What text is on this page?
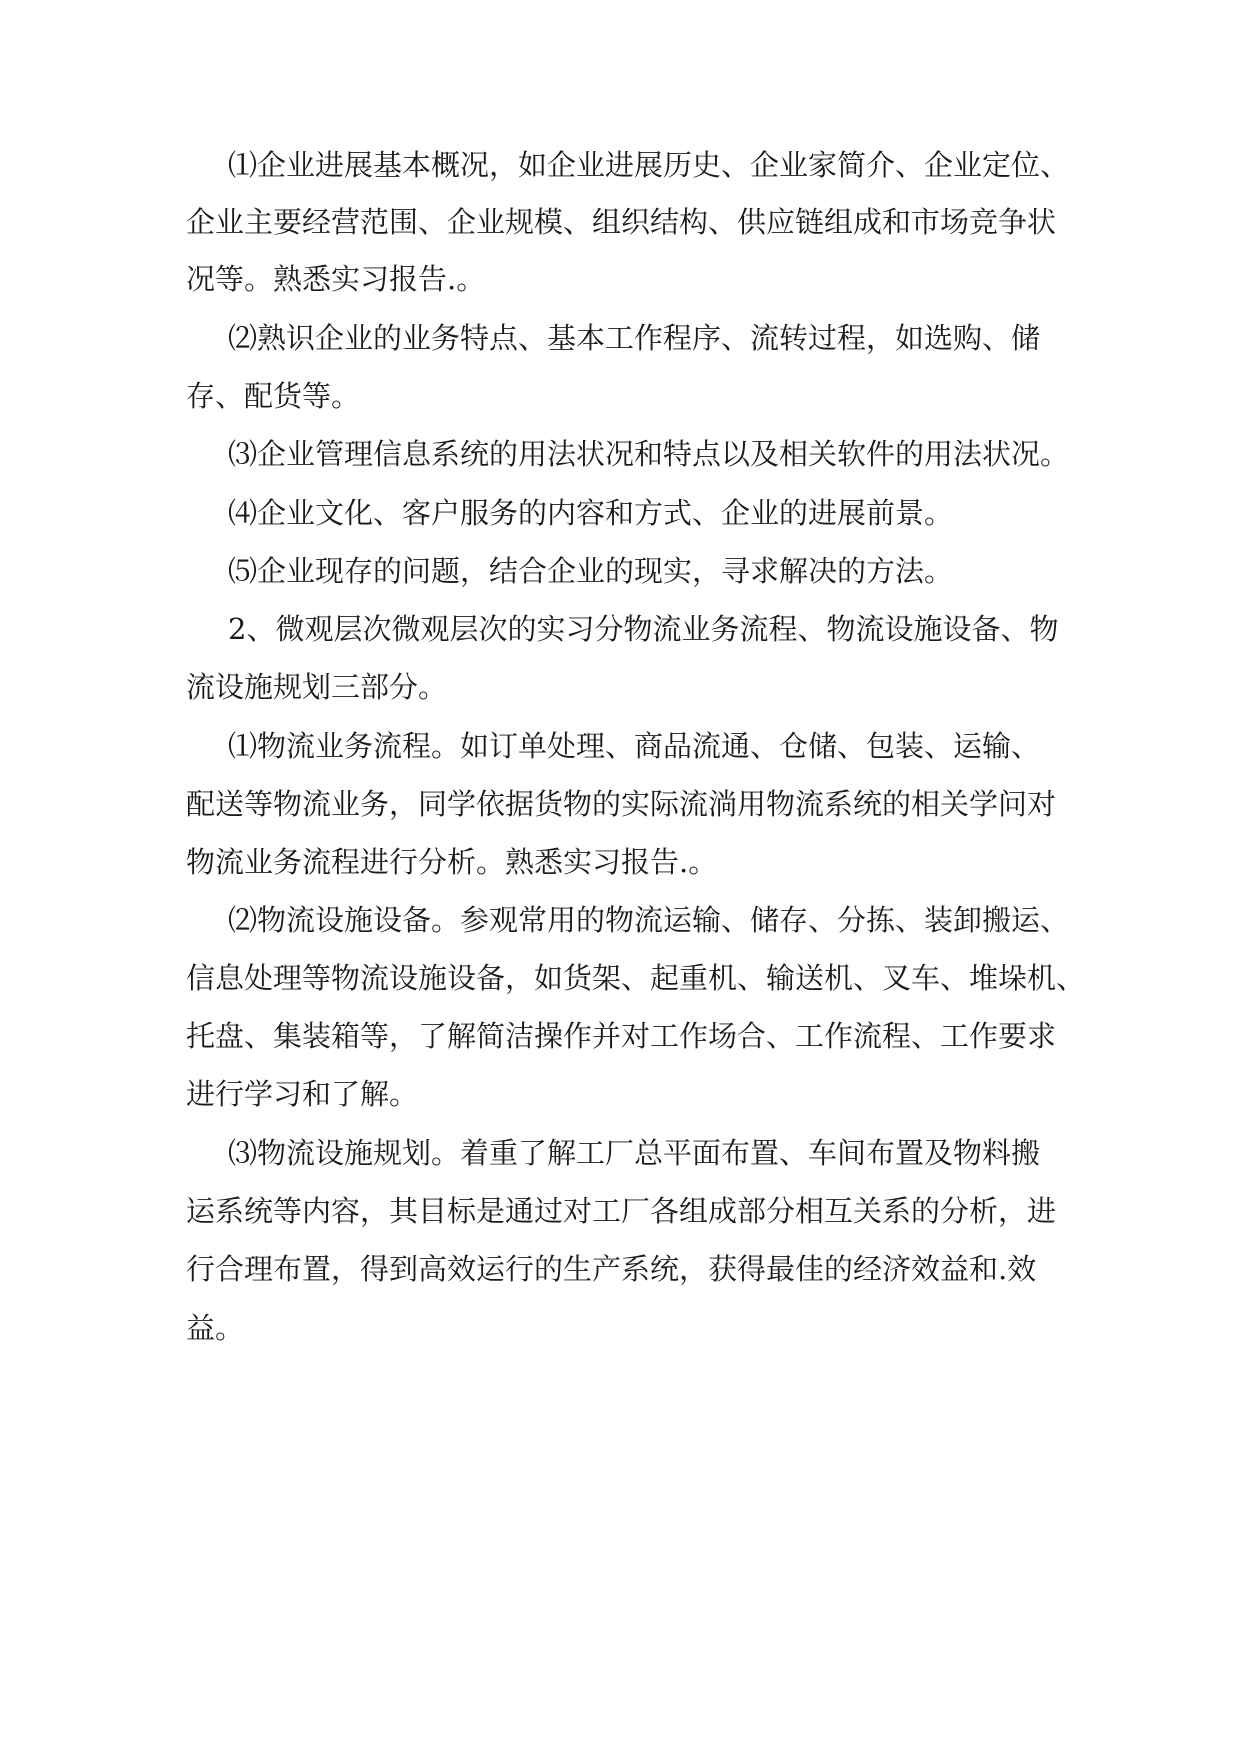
⑴企业进展基本概况，如企业进展历史、企业家简介、企业定位、
企业主要经营范围、企业规模、组织结构、供应链组成和市场竞争状
况等。熟悉实习报告.。
⑵熟识企业的业务特点、基本工作程序、流转过程，如选购、储
存、配货等。
⑶企业管理信息系统的用法状况和特点以及相关软件的用法状况。
⑷企业文化、客户服务的内容和方式、企业的进展前景。
⑸企业现存的问题，结合企业的现实，寻求解决的方法。
2、微观层次微观层次的实习分物流业务流程、物流设施设备、物
流设施规划三部分。
⑴物流业务流程。如订单处理、商品流通、仓储、包装、运输、
配送等物流业务，同学依据货物的实际流淌用物流系统的相关学问对
物流业务流程进行分析。熟悉实习报告.。
⑵物流设施设备。参观常用的物流运输、储存、分拣、装卸搬运、
信息处理等物流设施设备，如货架、起重机、输送机、叉车、堆垛机、
托盘、集装箱等，了解简洁操作并对工作场合、工作流程、工作要求
进行学习和了解。
⑶物流设施规划。着重了解工厂总平面布置、车间布置及物料搬
运系统等内容，其目标是通过对工厂各组成部分相互关系的分析，进
行合理布置，得到高效运行的生产系统，获得最佳的经济效益和.效
益。
